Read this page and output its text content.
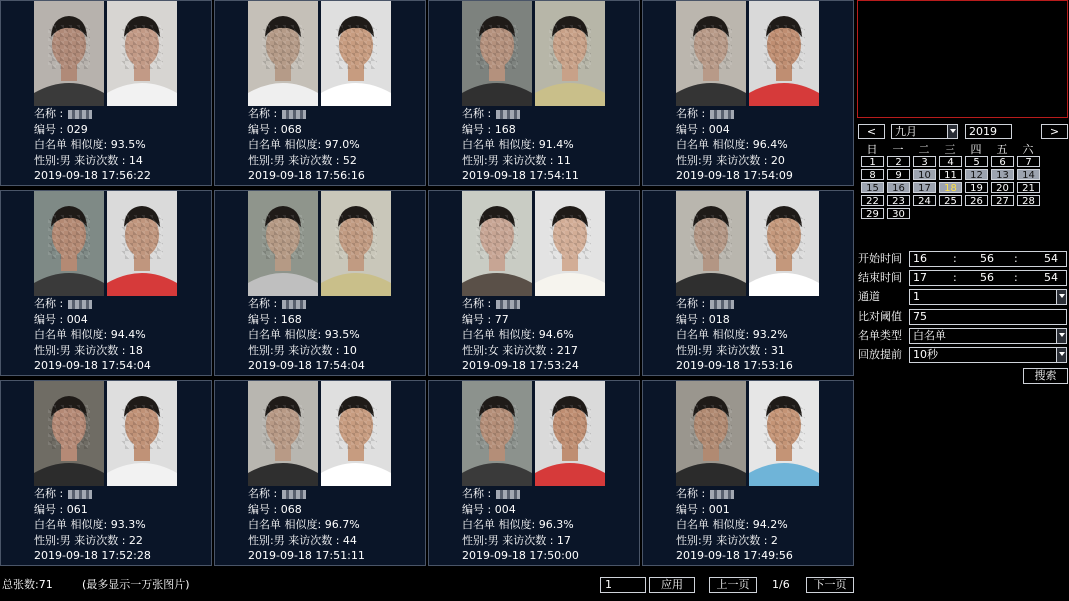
名称 :
编号 : 029
白名单 相似度: 93.5%
性别:男 来访次数 : 14
2019-09-18 17:56:22
名称 :
编号 : 068
白名单 相似度: 97.0%
性别:男 来访次数 : 52
2019-09-18 17:56:16
名称 :
编号 : 168
白名单 相似度: 91.4%
性别:男 来访次数 : 11
2019-09-18 17:54:11
名称 :
编号 : 004
白名单 相似度: 96.4%
性别:男 来访次数 : 20
2019-09-18 17:54:09
名称 :
编号 : 004
白名单 相似度: 94.4%
性别:男 来访次数 : 18
2019-09-18 17:54:04
名称 :
编号 : 168
白名单 相似度: 93.5%
性别:男 来访次数 : 10
2019-09-18 17:54:04
名称 :
编号 : 77
白名单 相似度: 94.6%
性别:女 来访次数 : 217
2019-09-18 17:53:24
名称 :
编号 : 018
白名单 相似度: 93.2%
性别:男 来访次数 : 31
2019-09-18 17:53:16
名称 :
编号 : 061
白名单 相似度: 93.3%
性别:男 来访次数 : 22
2019-09-18 17:52:28
名称 :
编号 : 068
白名单 相似度: 96.7%
性别:男 来访次数 : 44
2019-09-18 17:51:11
名称 :
编号 : 004
白名单 相似度: 96.3%
性别:男 来访次数 : 17
2019-09-18 17:50:00
名称 :
编号 : 001
白名单 相似度: 94.2%
性别:男 来访次数 : 2
2019-09-18 17:49:56
<	九月	2019	>
日	一	二	三	四	五	六
1	2	3	4	5	6	7
8	9	10	11	12	13	14
15	16	17	18	19	20	21
22	23	24	25	26	27	28
29	30
开始时间 16 : 56 : 54
结束时间 17 : 56 : 54
通道	1
比对阈值	75
名单类型	白名单
回放提前	10秒
搜索
总张数:71	(最多显示一万张图片)	1	应用	上一页	1/6	下一页
